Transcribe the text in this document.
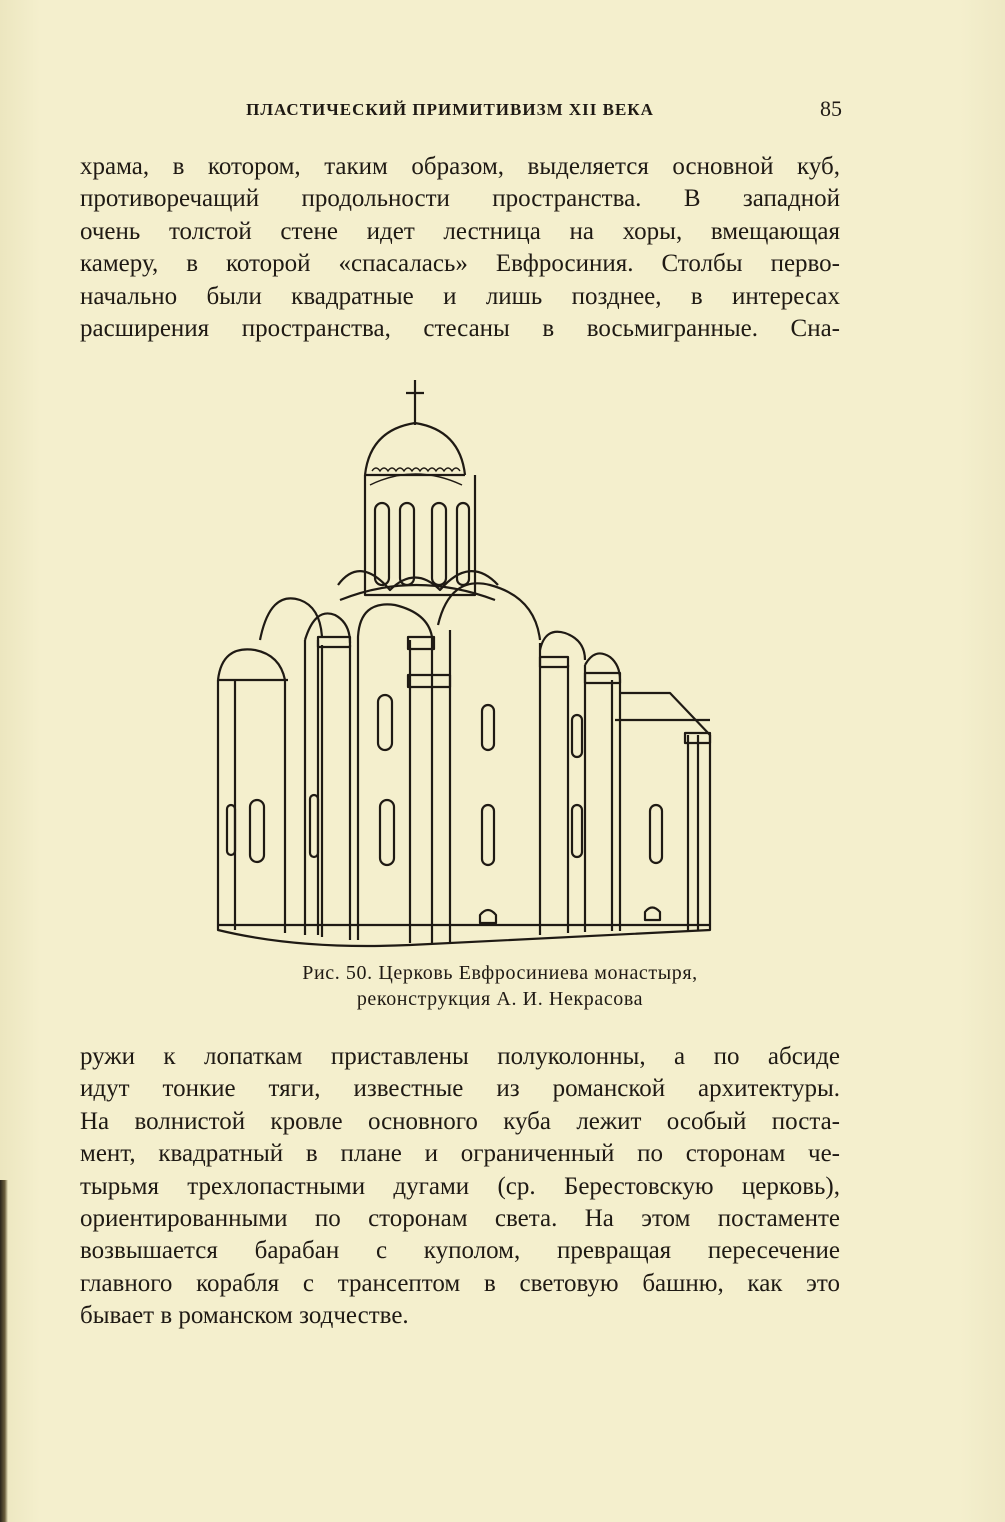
ПЛАСТИЧЕСКИЙ ПРИМИТИВИЗМ XII ВЕКА	85
храма, в котором, таким образом, выделяется основной куб,
противоречащий продольности пространства. В западной
очень толстой стене идет лестница на хоры, вмещающая
камеру, в которой «спасалась» Евфросиния. Столбы перво-
начально были квадратные и лишь позднее, в интересах
расширения пространства, стесаны в восьмигранные. Сна-
Рис. 50. Церковь Евфросиниева монастыря,
реконструкция А. И. Некрасова
ружи к лопаткам приставлены полуколонны, а по абсиде
идут тонкие тяги, известные из романской архитектуры.
На волнистой кровле основного куба лежит особый поста-
мент, квадратный в плане и ограниченный по сторонам че-
тырьмя трехлопастными дугами (ср. Берестовскую церковь),
ориентированными по сторонам света. На этом постаменте
возвышается барабан с куполом, превращая пересечение
главного корабля с трансептом в световую башню, как это
бывает в романском зодчестве.
